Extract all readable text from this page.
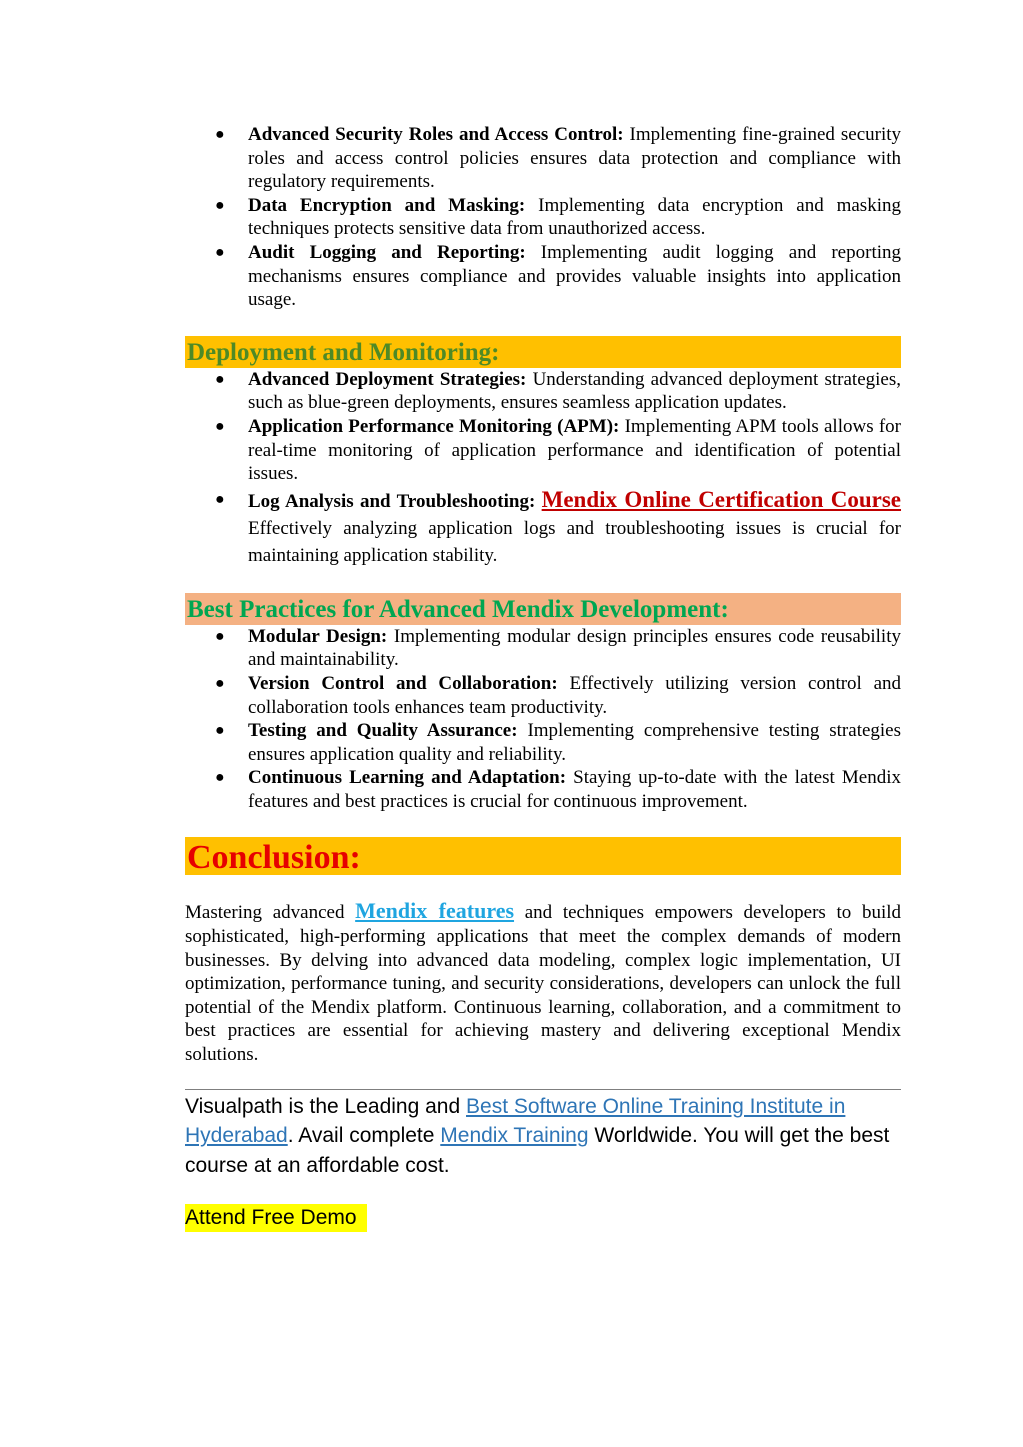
● Advanced Security Roles and Access Control: Implementing fine-grained security roles and access control policies ensures data protection and compliance with regulatory requirements.
● Data Encryption and Masking: Implementing data encryption and masking techniques protects sensitive data from unauthorized access.
● Audit Logging and Reporting: Implementing audit logging and reporting mechanisms ensures compliance and provides valuable insights into application usage.
Deployment and Monitoring:
● Advanced Deployment Strategies: Understanding advanced deployment strategies, such as blue-green deployments, ensures seamless application updates.
● Application Performance Monitoring (APM): Implementing APM tools allows for real-time monitoring of application performance and identification of potential issues.
● Log Analysis and Troubleshooting: Mendix Online Certification Course Effectively analyzing application logs and troubleshooting issues is crucial for maintaining application stability.
Best Practices for Advanced Mendix Development:
● Modular Design: Implementing modular design principles ensures code reusability and maintainability.
● Version Control and Collaboration: Effectively utilizing version control and collaboration tools enhances team productivity.
● Testing and Quality Assurance: Implementing comprehensive testing strategies ensures application quality and reliability.
● Continuous Learning and Adaptation: Staying up-to-date with the latest Mendix features and best practices is crucial for continuous improvement.
Conclusion:

Mastering advanced Mendix features and techniques empowers developers to build sophisticated, high-performing applications that meet the complex demands of modern businesses. By delving into advanced data modeling, complex logic implementation, UI optimization, performance tuning, and security considerations, developers can unlock the full potential of the Mendix platform. Continuous learning, collaboration, and a commitment to best practices are essential for achieving mastery and delivering exceptional Mendix solutions.

Visualpath is the Leading and Best Software Online Training Institute in Hyderabad. Avail complete Mendix Training Worldwide. You will get the best course at an affordable cost.
Attend Free Demo
